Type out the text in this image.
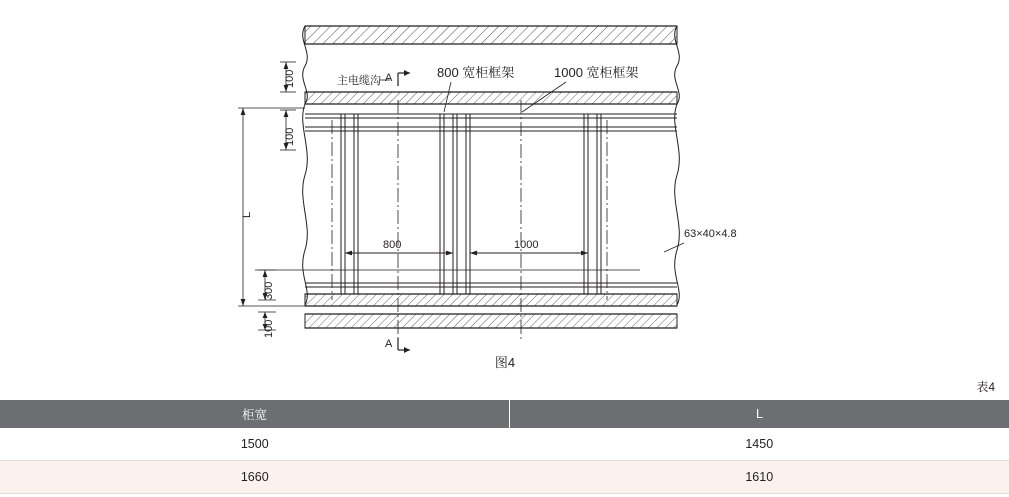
主电缆沟 A
A
800 宽柜框架	1000 宽柜框架
63×40×4.8
800	1000
100
100
300
100
L
图4
表4
柜宽	L
1500	1450
1660	1610
